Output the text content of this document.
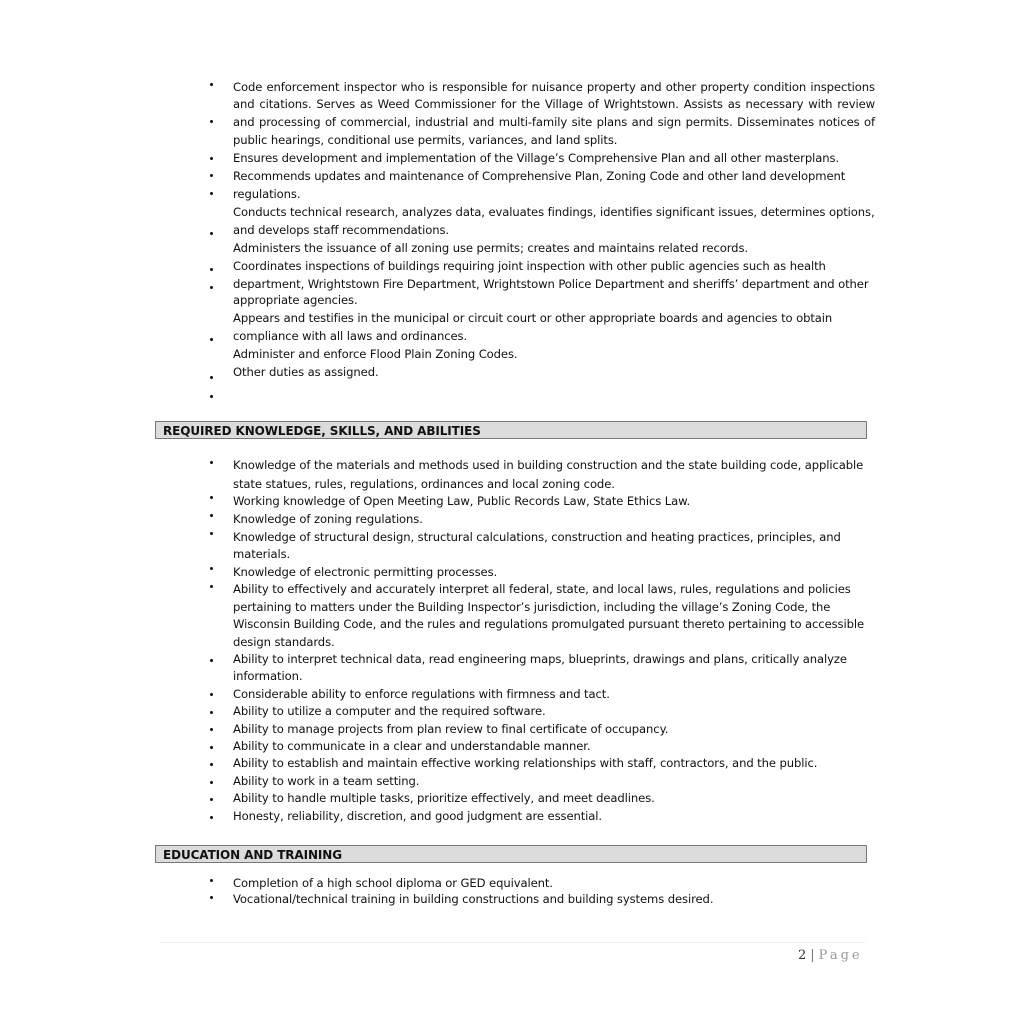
Code enforcement inspector who is responsible for nuisance property and other property condition inspections
and citations. Serves as Weed Commissioner for the Village of Wrightstown. Assists as necessary with review
and processing of commercial, industrial and multi-family site plans and sign permits. Disseminates notices of
public hearings, conditional use permits, variances, and land splits.
Ensures development and implementation of the Village’s Comprehensive Plan and all other masterplans.
Recommends updates and maintenance of Comprehensive Plan, Zoning Code and other land development
regulations.
Conducts technical research, analyzes data, evaluates findings, identifies significant issues, determines options,
and develops staff recommendations.
Administers the issuance of all zoning use permits; creates and maintains related records.
Coordinates inspections of buildings requiring joint inspection with other public agencies such as health
department, Wrightstown Fire Department, Wrightstown Police Department and sheriffs’ department and other
appropriate agencies.
Appears and testifies in the municipal or circuit court or other appropriate boards and agencies to obtain
compliance with all laws and ordinances.
Administer and enforce Flood Plain Zoning Codes.
Other duties as assigned.
REQUIRED KNOWLEDGE, SKILLS, AND ABILITIES
Knowledge of the materials and methods used in building construction and the state building code, applicable
state statues, rules, regulations, ordinances and local zoning code.
Working knowledge of Open Meeting Law, Public Records Law, State Ethics Law.
Knowledge of zoning regulations.
Knowledge of structural design, structural calculations, construction and heating practices, principles, and
materials.
Knowledge of electronic permitting processes.
Ability to effectively and accurately interpret all federal, state, and local laws, rules, regulations and policies
pertaining to matters under the Building Inspector’s jurisdiction, including the village’s Zoning Code, the
Wisconsin Building Code, and the rules and regulations promulgated pursuant thereto pertaining to accessible
design standards.
Ability to interpret technical data, read engineering maps, blueprints, drawings and plans, critically analyze
information.
Considerable ability to enforce regulations with firmness and tact.
Ability to utilize a computer and the required software.
Ability to manage projects from plan review to final certificate of occupancy.
Ability to communicate in a clear and understandable manner.
Ability to establish and maintain effective working relationships with staff, contractors, and the public.
Ability to work in a team setting.
Ability to handle multiple tasks, prioritize effectively, and meet deadlines.
Honesty, reliability, discretion, and good judgment are essential.
EDUCATION AND TRAINING
Completion of a high school diploma or GED equivalent.
Vocational/technical training in building constructions and building systems desired.
2 | Page
